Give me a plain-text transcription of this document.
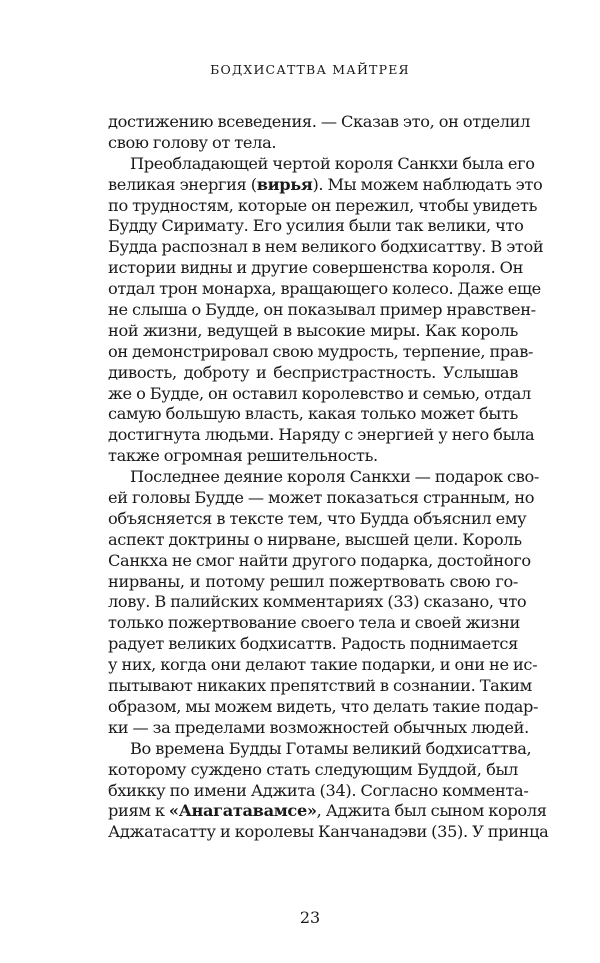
БОДХИСАТТВА МАЙТРЕЯ
достижению всеведения. — Сказав это, он отделил
свою голову от тела.
Преобладающей чертой короля Санкхи была его
великая энергия (вирья). Мы можем наблюдать это
по трудностям, которые он пережил, чтобы увидеть
Будду Сиримату. Его усилия были так велики, что
Будда распознал в нем великого бодхисаттву. В этой
истории видны и другие совершенства короля. Он
отдал трон монарха, вращающего колесо. Даже еще
не слыша о Будде, он показывал пример нравствен-
ной жизни, ведущей в высокие миры. Как король
он демонстрировал свою мудрость, терпение, прав-
дивость, доброту и беспристрастность. Услышав
же о Будде, он оставил королевство и семью, отдал
самую большую власть, какая только может быть
достигнута людьми. Наряду с энергией у него была
также огромная решительность.
Последнее деяние короля Санкхи — подарок сво-
ей головы Будде — может показаться странным, но
объясняется в тексте тем, что Будда объяснил ему
аспект доктрины о нирване, высшей цели. Король
Санкха не смог найти другого подарка, достойного
нирваны, и потому решил пожертвовать свою го-
лову. В палийских комментариях (33) сказано, что
только пожертвование своего тела и своей жизни
радует великих бодхисаттв. Радость поднимается
у них, когда они делают такие подарки, и они не ис-
пытывают никаких препятствий в сознании. Таким
образом, мы можем видеть, что делать такие подар-
ки — за пределами возможностей обычных людей.
Во времена Будды Готамы великий бодхисаттва,
которому суждено стать следующим Буддой, был
бхикку по имени Аджита (34). Согласно коммента-
риям к «Анагатавамсе», Аджита был сыном короля
Аджатасатту и королевы Канчанадэви (35). У принца
23
